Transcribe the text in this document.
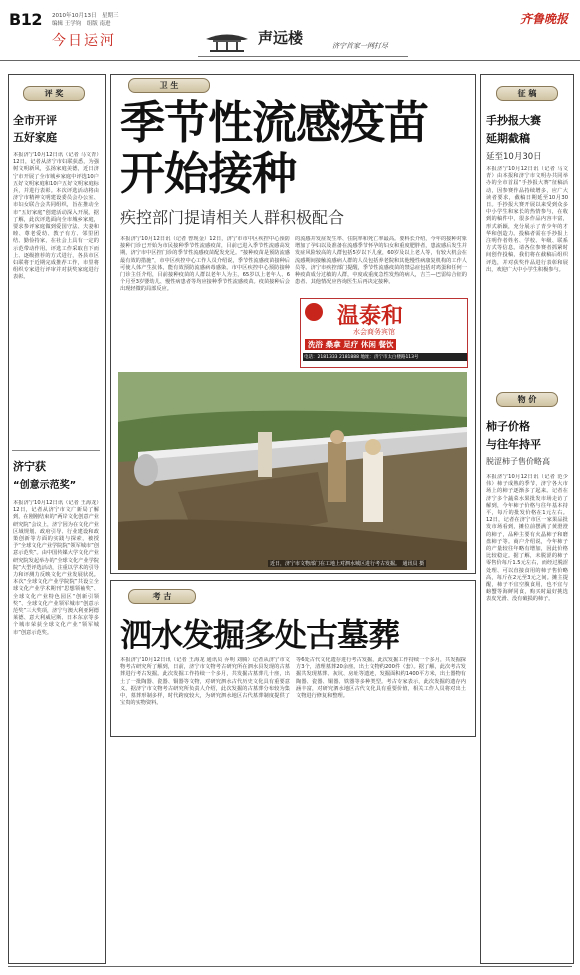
B12 2010年10月13日　星期三
编辑 王学钧　组版 南进
今日运河	声远楼	济宁首家一网打尽
齐鲁晚报
评 奖
全市开评
五好家庭
本报济宁10月12日讯（记者 马文青）12日，记者从济宁市妇联获悉，为强树文明新风，弘扬家庭美德，近日济宁市开展了全市城乡家庭中评选10户五好文明家庭和10户五好文明家庭标兵，并进行表彰。本次评选活动将由济宁市精神文明建设委员会办公室、市妇女联合会共同组织，旨在推动全市“五好家庭”创建活动深入开展。据了解，此次评选面向全市城乡家庭，要求参评家庭做到爱国守法、夫妻和睦、尊老爱幼、教子有方、邻里团结、勤俭持家，在社会上具有一定的示范带动作用。评选工作采取自下而上、逐级推荐的方式进行，各县市区妇联将于近期完成推荐工作，市里将组织专家进行评审并对获奖家庭进行表彰。
济宁获
“创意示范奖”
本报济宁10月12日讯（记者 王海龙）12日，记者从济宁市文广新局了解到，在刚刚结束的“两岸文化创意产业研究院”会议上，济宁因为在文化产业区域规划、政府引导、行业建设和政策创新等方面的实践与探索，被授予“全球文化产业学院院“领军城市”创意示范奖”。由中国传媒大学文化产业研究院发起举办的“全球文化产业学院院”大型评选活动，注重以学术的引导力和评测力反映文化产业发展状况。本次“全球文化产业学院院”共设立全球文化产业学术期刊“思想领袖奖”、全球文化产业特色园区“创新引领奖”、全球文化产业领军城市“创意示范奖”三大奖项，济宁与澳大利亚阿德莱德、意大利威尼斯、日本东京等多个城市荣获全球文化产业“领军城市”创意示范奖。
卫 生
季节性流感疫苗
开始接种
疾控部门提请相关人群积极配合
本报济宁10月12日讯（记者 曾现金）12日，济宁市市中区疾控中心预防接种门诊已开始为市民接种季节性流感疫苗，目前已进入季节性流感高发期，济宁市中区控门诊的季节性流感疫苗配发充足。“接种疫苗是预防流感最有效的措施”，市中区疾控中心工作人员介绍说，季节性流感疫苗接种后可使人体产生抗体，能有效预防流感病毒感染。市中区疾控中心预防接种门诊主任介绍，目前接种疫苗的人群以老年人为主，65岁以上老年人、6个月至3岁婴幼儿、慢性病患者等均应接种季节性流感疫苗。疫苗接种后会出现轻微的局部反应。
的流感并发症发生率、住院率和死亡率最高。要科长介绍，今年的接种对象增加了孕妇以及准备在流感季节怀孕的妇女和重度肥胖者，患流感后发生并发症风险较高的人群包括5岁以下儿童，60岁及以上老人等，有较大机会在流感期间接触流感病人群的人员包括养老院和其他慢性病康复机构的工作人员等。济宁市疾控部门提醒，季节性流感疫苗的禁忌症包括对鸡蛋和任何一种疫苗成分过敏的人群，中度或重度急性发热的病人，吉兰—巴雷综合征的患者、其他情况应咨询医生后再决定接种。
温泰和
水会商务宾馆
洗浴 桑拿 足疗 休闲 餐饮
电话：2181333 2181888 地址：济宁市太白楼路113号
近日，济宁市文物部门在工地上对泗水城区进行考古发掘。　通讯员 摄
考 古
泗水发掘多处古墓葬
本报济宁10月12日讯（记者 王海龙 通讯员 乔明 刘腾）记者从济宁市文物考古研究所了解到，日前，济宁市文物考古研究所在泗水县发现的古墓葬进行考古发掘。此次发掘工作持续一个多月，共发掘古墓葬几十座，出土了一批陶器、瓷器、铜器等文物，对研究泗水古代历史文化具有重要意义。据济宁市文物考古研究所负责人介绍，此次发掘的古墓葬分布较为集中，墓葬形制多样，时代跨度较大，为研究泗水地区古代墓葬制度提供了宝贵的实物资料。
等6处古代文化遗存进行考古发掘，此次发掘工作持续一个多月，共发掘探方3个，清理墓葬20余座。出土文物约200件（套）。据了解，此次考古发掘共发现墓葬、灰坑、房址等遗迹，发掘面积约1400平方米，出土器物有陶器、瓷器、铜器、铁器等多种类型。考古专家表示，此次发掘的遗存内涵丰富，对研究泗水地区古代文化具有重要价值，相关工作人员将对出土文物进行修复和整理。
征 稿
手抄报大赛
延期截稿
延至10月30日
本报济宁10月12日讯（记者 马文青）由本报和济宁市文明办共同举办的全市首届“手抄报大赛”征稿活动，因参赛作品持续增多，应广大读者要求，截稿日期延至10月30日。手抄报大赛开展以来受到众多中小学生和家长的热情参与，在收到的稿件中，很多作品内容丰富，形式新颖，充分展示了青少年的才华和创造力。投稿者需在手抄报上注明作者姓名、学校、年级、联系方式等信息。请各位参赛者抓紧时间创作投稿，我们将在截稿后组织评选，并对获奖作品进行表彰和展出，欢迎广大中小学生积极参与。
物 价
柿子价格
与往年持平
脱涩柿子售价略高
本报济宁10月12日讯（记者 范少伟）柿子成熟的季节，济宁各大市场上的柿子逐渐多了起来。记者在济宁多个蔬菜水果批发市场走访了解到，今年柿子价格与往年基本持平，每斤的批发价格在1元左右。12日，记者在济宁市区一家果品批发市场看到，摊位前摆满了黄澄澄的柿子，品种主要有火晶柿子和磨盘柿子等。商户介绍说，今年柿子的产量较往年略有增加，因此价格比较稳定。据了解，未脱涩的柿子零售价每斤1.5元左右，而经过脱涩处理、可以直接食用的柿子售价略高，每斤在2元至3元之间。摊主提醒，柿子不宜空腹食用，也不宜与螃蟹等海鲜同食，购买时最好挑选表皮光滑、没有破损的柿子。
